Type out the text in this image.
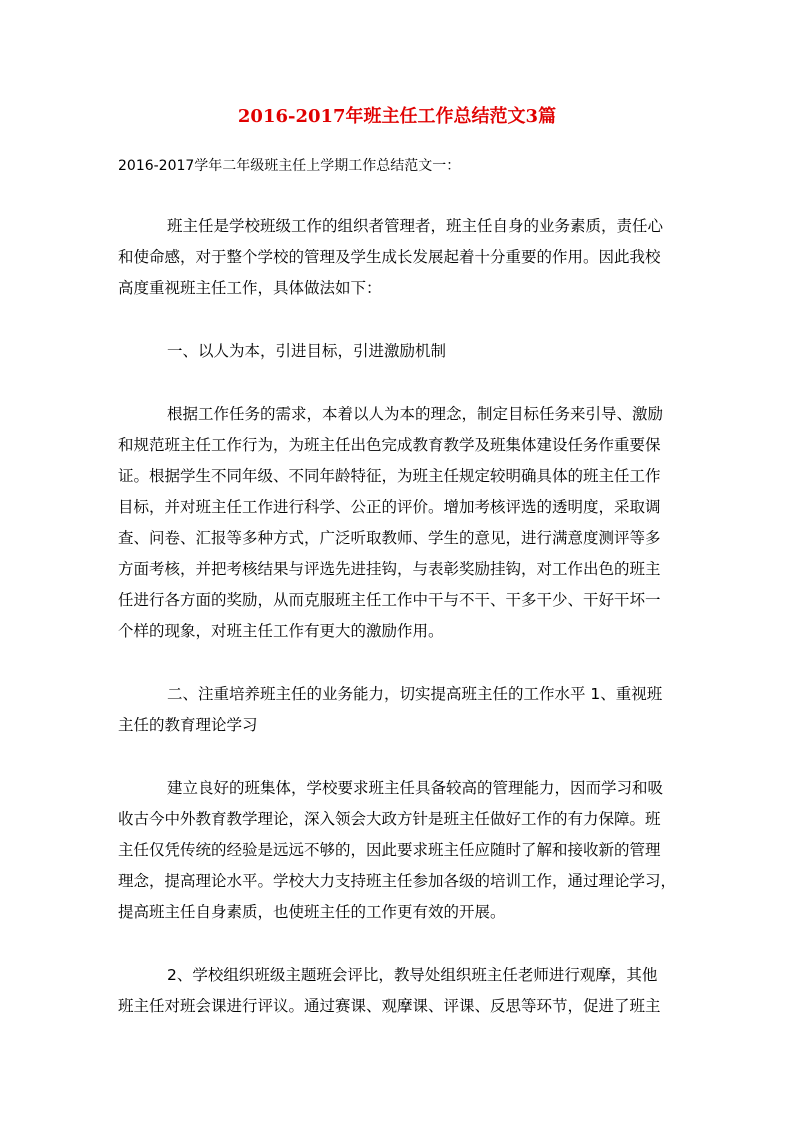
2016-2017年班主任工作总结范文3篇
2016-2017学年二年级班主任上学期工作总结范文一：
班主任是学校班级工作的组织者管理者，班主任自身的业务素质，责任心
和使命感，对于整个学校的管理及学生成长发展起着十分重要的作用。因此我校
高度重视班主任工作，具体做法如下：
一、以人为本，引进目标，引进激励机制
根据工作任务的需求，本着以人为本的理念，制定目标任务来引导、激励
和规范班主任工作行为，为班主任出色完成教育教学及班集体建设任务作重要保
证。根据学生不同年级、不同年龄特征，为班主任规定较明确具体的班主任工作
目标，并对班主任工作进行科学、公正的评价。增加考核评选的透明度，采取调
查、问卷、汇报等多种方式，广泛听取教师、学生的意见，进行满意度测评等多
方面考核，并把考核结果与评选先进挂钩，与表彰奖励挂钩，对工作出色的班主
任进行各方面的奖励，从而克服班主任工作中干与不干、干多干少、干好干坏一
个样的现象，对班主任工作有更大的激励作用。
二、注重培养班主任的业务能力，切实提高班主任的工作水平 1、重视班
主任的教育理论学习
建立良好的班集体，学校要求班主任具备较高的管理能力，因而学习和吸
收古今中外教育教学理论，深入领会大政方针是班主任做好工作的有力保障。班
主任仅凭传统的经验是远远不够的，因此要求班主任应随时了解和接收新的管理
理念，提高理论水平。学校大力支持班主任参加各级的培训工作，通过理论学习，
提高班主任自身素质，也使班主任的工作更有效的开展。
2、学校组织班级主题班会评比，教导处组织班主任老师进行观摩，其他
班主任对班会课进行评议。通过赛课、观摩课、评课、反思等环节，促进了班主
